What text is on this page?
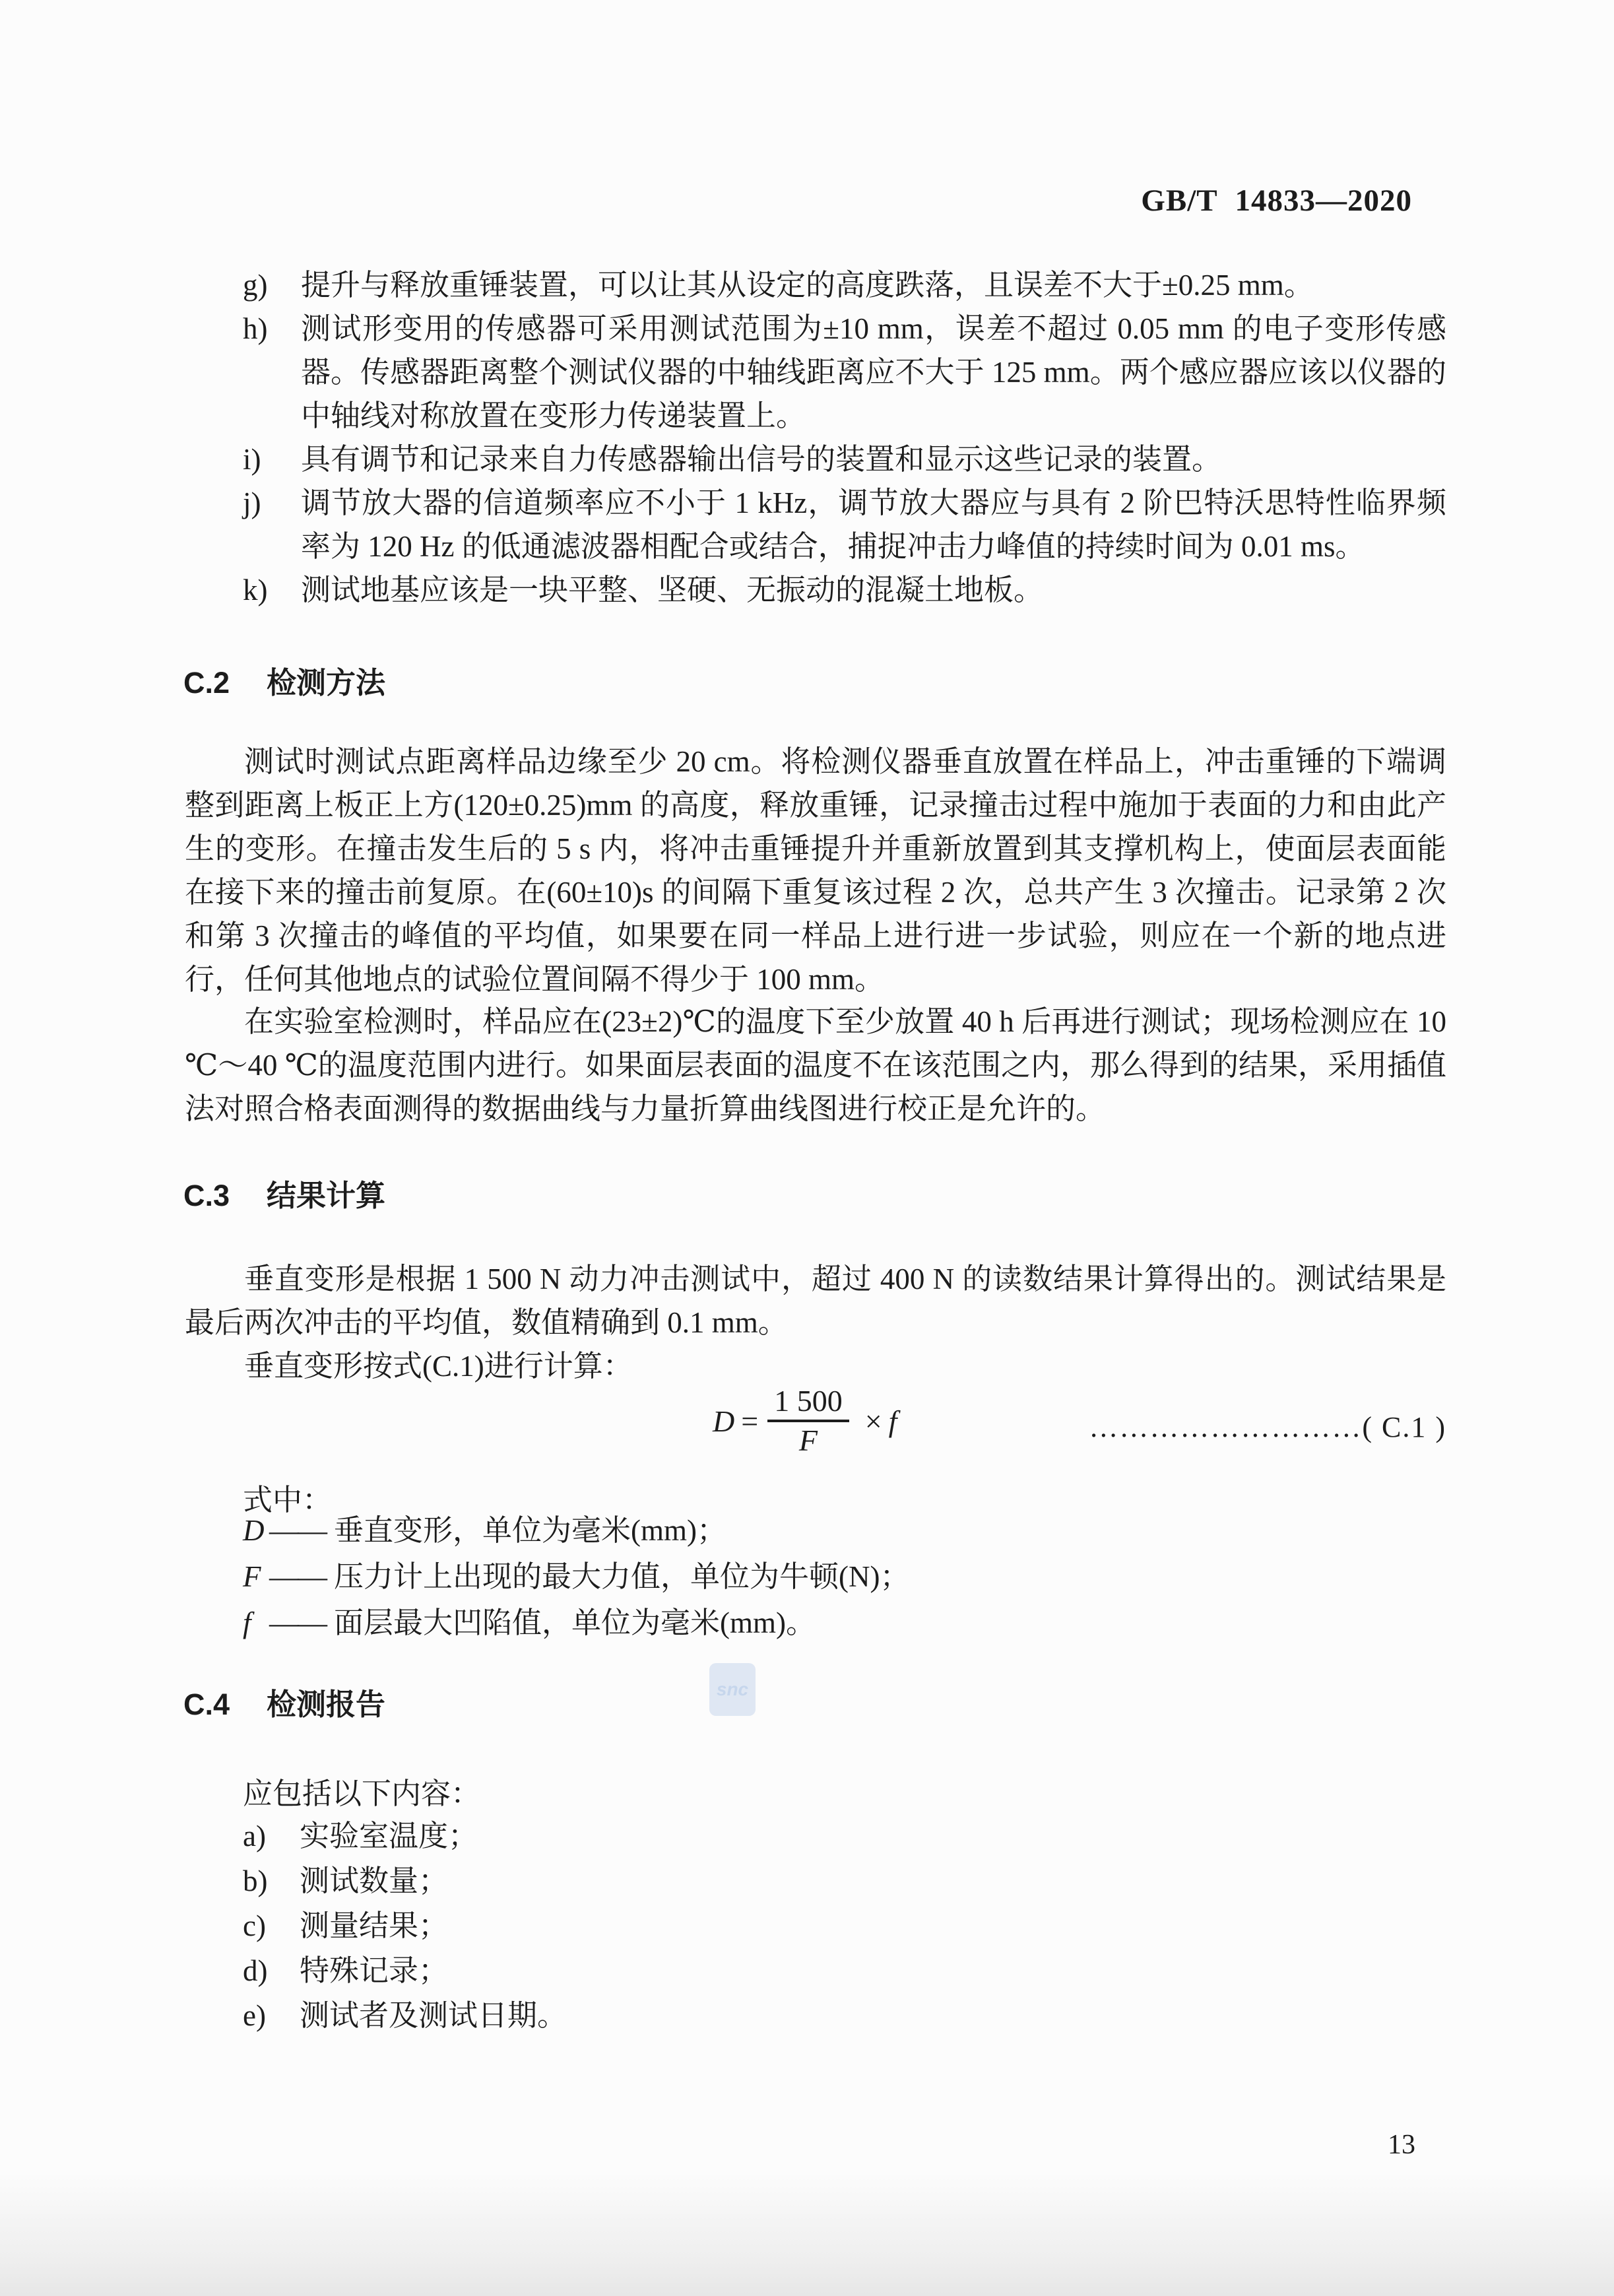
GB/T 14833—2020
g) 提升与释放重锤装置，可以让其从设定的高度跌落，且误差不大于±0.25 mm。
h) 测试形变用的传感器可采用测试范围为±10 mm，误差不超过 0.05 mm 的电子变形传感器。传感器距离整个测试仪器的中轴线距离应不大于 125 mm。两个感应器应该以仪器的中轴线对称放置在变形力传递装置上。
i) 具有调节和记录来自力传感器输出信号的装置和显示这些记录的装置。
j) 调节放大器的信道频率应不小于 1 kHz，调节放大器应与具有 2 阶巴特沃思特性临界频率为 120 Hz 的低通滤波器相配合或结合，捕捉冲击力峰值的持续时间为 0.01 ms。
k) 测试地基应该是一块平整、坚硬、无振动的混凝土地板。
C.2 检测方法
测试时测试点距离样品边缘至少 20 cm。将检测仪器垂直放置在样品上，冲击重锤的下端调整到距离上板正上方(120±0.25)mm 的高度，释放重锤，记录撞击过程中施加于表面的力和由此产生的变形。在撞击发生后的 5 s 内，将冲击重锤提升并重新放置到其支撑机构上，使面层表面能在接下来的撞击前复原。在(60±10)s 的间隔下重复该过程 2 次，总共产生 3 次撞击。记录第 2 次和第 3 次撞击的峰值的平均值，如果要在同一样品上进行进一步试验，则应在一个新的地点进行，任何其他地点的试验位置间隔不得少于 100 mm。
在实验室检测时，样品应在(23±2)℃的温度下至少放置 40 h 后再进行测试；现场检测应在 10 ℃～40 ℃的温度范围内进行。如果面层表面的温度不在该范围之内，那么得到的结果，采用插值法对照合格表面测得的数据曲线与力量折算曲线图进行校正是允许的。
C.3 结果计算
垂直变形是根据 1 500 N 动力冲击测试中，超过 400 N 的读数结果计算得出的。测试结果是最后两次冲击的平均值，数值精确到 0.1 mm。
垂直变形按式(C.1)进行计算：
$D = \frac{1 500}{F} \times f$	………………………( C.1 )
式中：
D —— 垂直变形，单位为毫米(mm)；
F —— 压力计上出现的最大力值，单位为牛顿(N)；
f —— 面层最大凹陷值，单位为毫米(mm)。
snc
C.4 检测报告
应包括以下内容：
a) 实验室温度；
b) 测试数量；
c) 测量结果；
d) 特殊记录；
e) 测试者及测试日期。
13
